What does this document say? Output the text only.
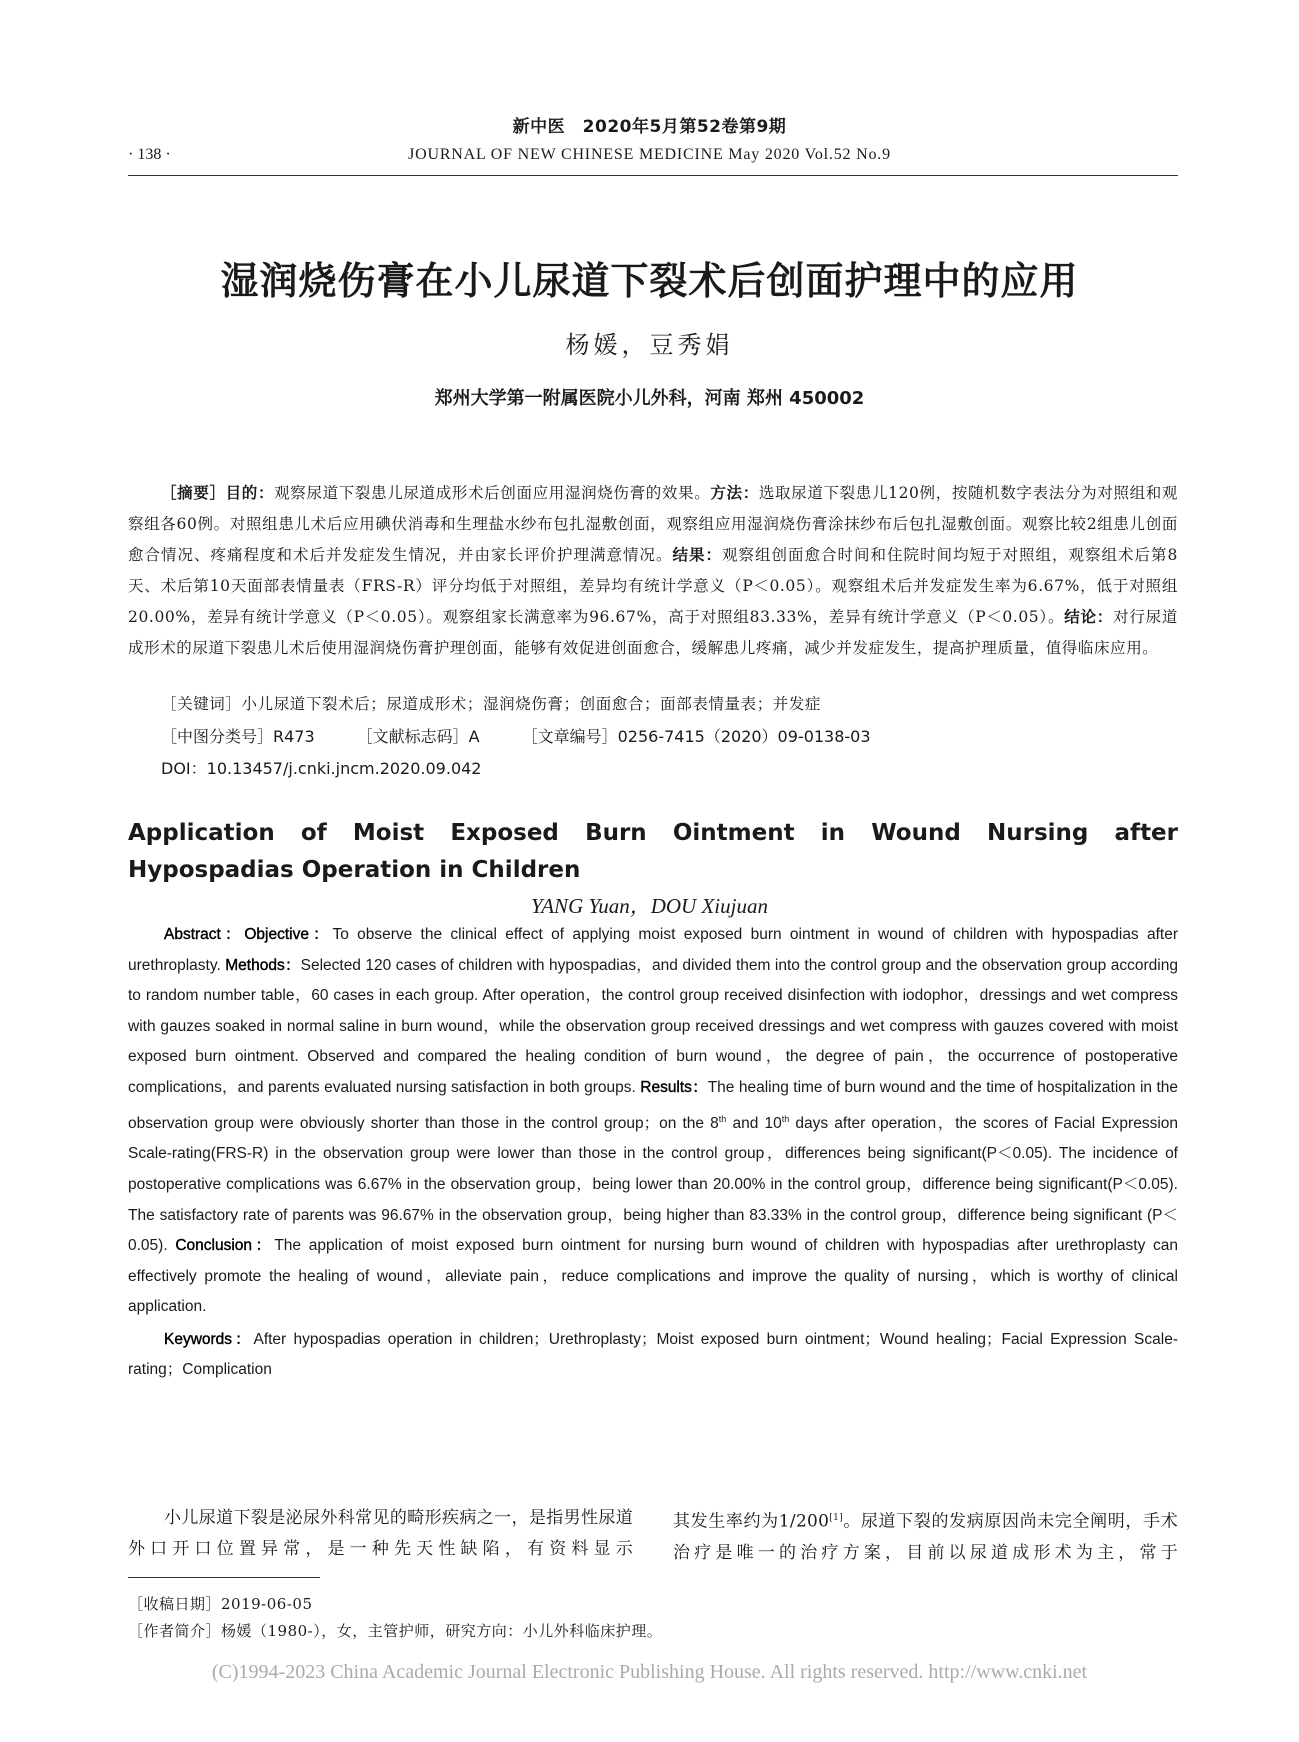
新中医　2020年5月第52卷第9期
· 138 ·	JOURNAL OF NEW CHINESE MEDICINE May 2020 Vol.52 No.9
湿润烧伤膏在小儿尿道下裂术后创面护理中的应用
杨媛，豆秀娟
郑州大学第一附属医院小儿外科，河南 郑州 450002
［摘要］目的：观察尿道下裂患儿尿道成形术后创面应用湿润烧伤膏的效果。方法：选取尿道下裂患儿120例，按随机数字表法分为对照组和观察组各60例。对照组患儿术后应用碘伏消毒和生理盐水纱布包扎湿敷创面，观察组应用湿润烧伤膏涂抹纱布后包扎湿敷创面。观察比较2组患儿创面愈合情况、疼痛程度和术后并发症发生情况，并由家长评价护理满意情况。结果：观察组创面愈合时间和住院时间均短于对照组，观察组术后第8天、术后第10天面部表情量表（FRS-R）评分均低于对照组，差异均有统计学意义（P＜0.05）。观察组术后并发症发生率为6.67%，低于对照组20.00%，差异有统计学意义（P＜0.05）。观察组家长满意率为96.67%，高于对照组83.33%，差异有统计学意义（P＜0.05）。结论：对行尿道成形术的尿道下裂患儿术后使用湿润烧伤膏护理创面，能够有效促进创面愈合，缓解患儿疼痛，减少并发症发生，提高护理质量，值得临床应用。
［关键词］小儿尿道下裂术后；尿道成形术；湿润烧伤膏；创面愈合；面部表情量表；并发症
［中图分类号］R473	［文献标志码］A	［文章编号］0256-7415（2020）09-0138-03
DOI：10.13457/j.cnki.jncm.2020.09.042
Application of Moist Exposed Burn Ointment in Wound Nursing after Hypospadias Operation in Children
YANG Yuan，DOU Xiujuan

Abstract：Objective：To observe the clinical effect of applying moist exposed burn ointment in wound of children with hypospadias after urethroplasty. Methods：Selected 120 cases of children with hypospadias，and divided them into the control group and the observation group according to random number table，60 cases in each group. After operation，the control group received disinfection with iodophor，dressings and wet compress with gauzes soaked in normal saline in burn wound，while the observation group received dressings and wet compress with gauzes covered with moist exposed burn ointment. Observed and compared the healing condition of burn wound，the degree of pain，the occurrence of postoperative complications，and parents evaluated nursing satisfaction in both groups. Results：The healing time of burn wound and the time of hospitalization in the observation group were obviously shorter than those in the control group；on the 8th and 10th days after operation，the scores of Facial Expression Scale-rating(FRS-R) in the observation group were lower than those in the control group，differences being significant(P＜0.05). The incidence of postoperative complications was 6.67% in the observation group，being lower than 20.00% in the control group，difference being significant(P＜0.05). The satisfactory rate of parents was 96.67% in the observation group，being higher than 83.33% in the control group，difference being significant (P＜0.05). Conclusion：The application of moist exposed burn ointment for nursing burn wound of children with hypospadias after urethroplasty can effectively promote the healing of wound，alleviate pain，reduce complications and improve the quality of nursing，which is worthy of clinical application.

Keywords：After hypospadias operation in children；Urethroplasty；Moist exposed burn ointment；Wound healing；Facial Expression Scale-rating；Complication

小儿尿道下裂是泌尿外科常见的畸形疾病之一，是指男性尿道外口开口位置异常，是一种先天性缺陷，有资料显示
其发生率约为1/200[1]。尿道下裂的发病原因尚未完全阐明，手术治疗是唯一的治疗方案，目前以尿道成形术为主，常于
［收稿日期］2019-06-05
［作者简介］杨媛（1980-），女，主管护师，研究方向：小儿外科临床护理。
(C)1994-2023 China Academic Journal Electronic Publishing House. All rights reserved. http://www.cnki.net
